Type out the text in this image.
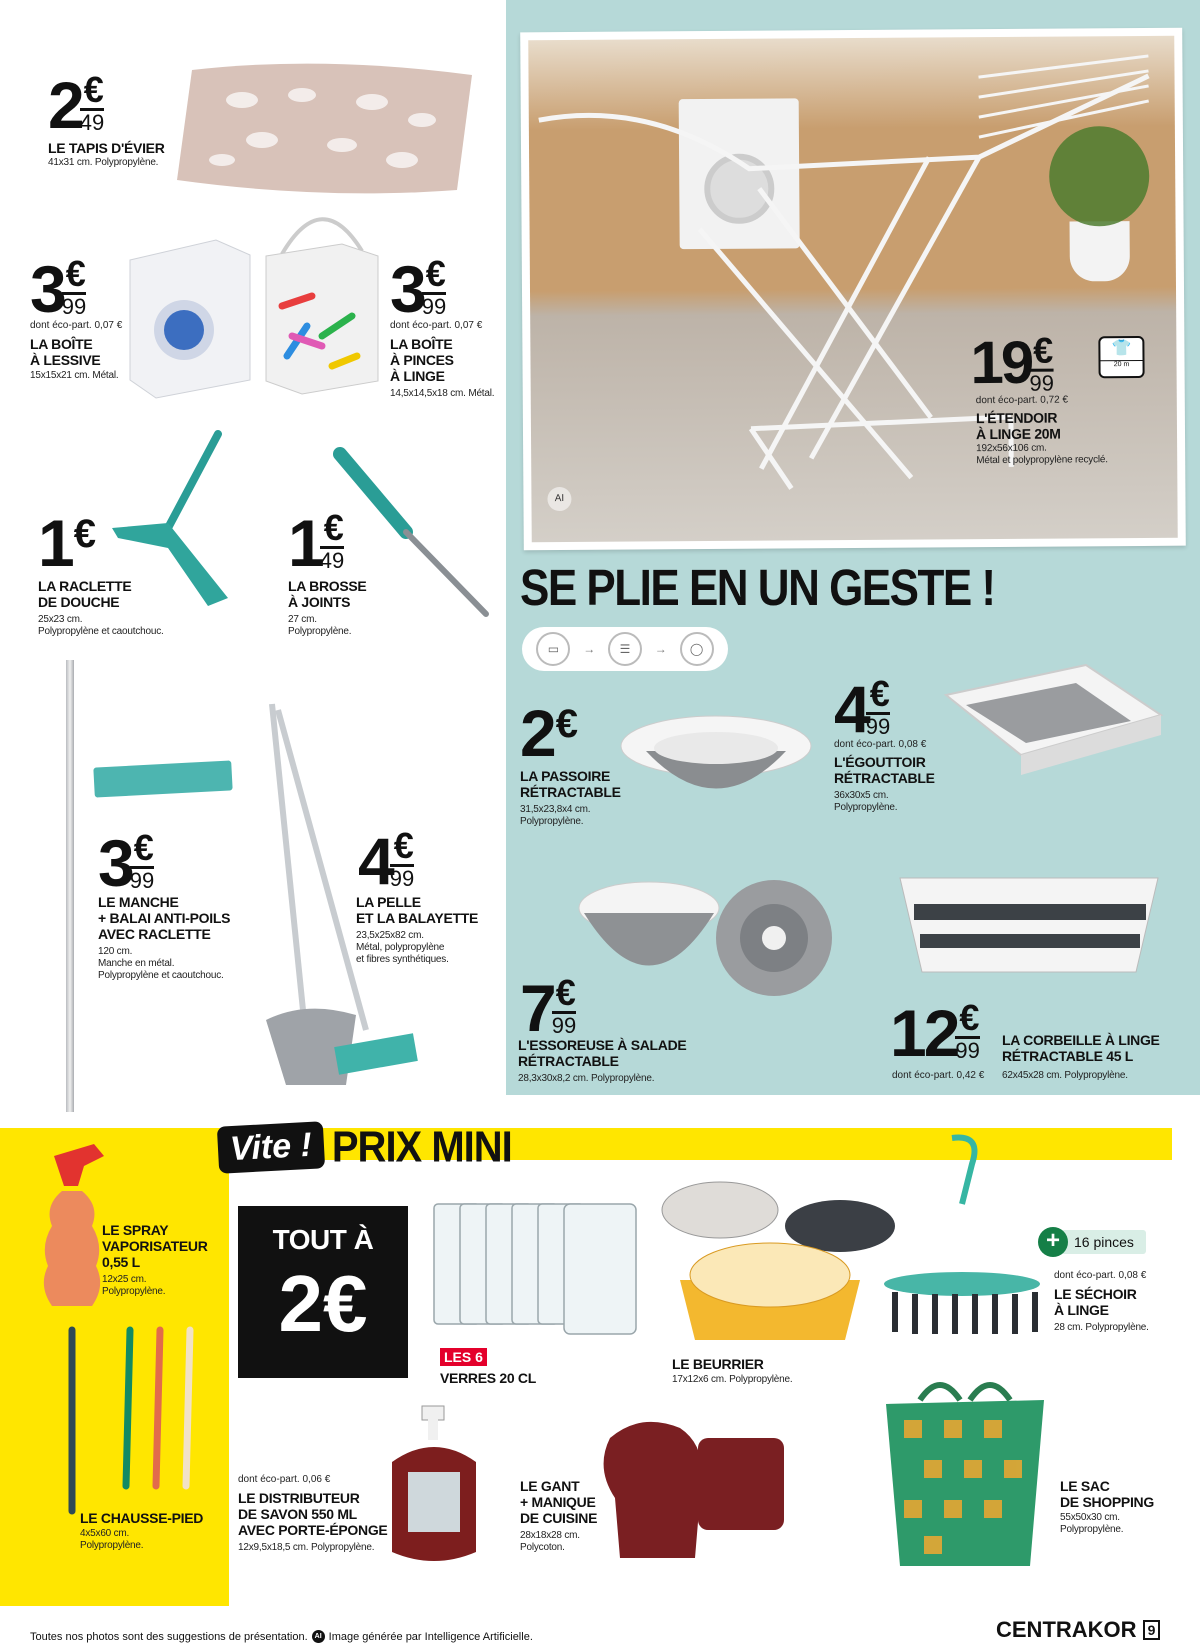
AI
19 €
99
👕
20 m
dont éco-part. 0,72 €
L'ÉTENDOIR
À LINGE 20M
192x56x106 cm.
Métal et polypropylène recyclé.
SE PLIE EN UN GESTE !
▭	→	☰	→	◯
2 €
LA PASSOIRE
RÉTRACTABLE
31,5x23,8x4 cm.
Polypropylène.
4 €
99
dont éco-part. 0,08 €
L'ÉGOUTTOIR
RÉTRACTABLE
36x30x5 cm.
Polypropylène.
7 €
99
L'ESSOREUSE À SALADE
RÉTRACTABLE
28,3x30x8,2 cm. Polypropylène.
12 €
99
dont éco-part. 0,42 €
LA CORBEILLE À LINGE
RÉTRACTABLE 45 L
62x45x28 cm. Polypropylène.
2 €
49
LE TAPIS D'ÉVIER
41x31 cm. Polypropylène.
3 €
99
dont éco-part. 0,07 €
LA BOÎTE
À LESSIVE
15x15x21 cm. Métal.
3 €
99
dont éco-part. 0,07 €
LA BOÎTE
À PINCES
À LINGE
14,5x14,5x18 cm. Métal.
1 €
LA RACLETTE
DE DOUCHE
25x23 cm.
Polypropylène et caoutchouc.
1 €
49
LA BROSSE
À JOINTS
27 cm.
Polypropylène.
3 €
99
LE MANCHE
+ BALAI ANTI-POILS
AVEC RACLETTE
120 cm.
Manche en métal.
Polypropylène et caoutchouc.
4 €
99
LA PELLE
ET LA BALAYETTE
23,5x25x82 cm.
Métal, polypropylène
et fibres synthétiques.
Vite ! PRIX MINI
TOUT À
2€
LE SPRAY
VAPORISATEUR
0,55 L
12x25 cm.
Polypropylène.
LE CHAUSSE-PIED
4x5x60 cm.
Polypropylène.
LES 6
VERRES 20 CL
LE BEURRIER
17x12x6 cm. Polypropylène.
+	16 pinces
dont éco-part. 0,08 €
LE SÉCHOIR
À LINGE
28 cm. Polypropylène.
dont éco-part. 0,06 €
LE DISTRIBUTEUR
DE SAVON 550 ML
AVEC PORTE-ÉPONGE
12x9,5x18,5 cm. Polypropylène.
LE GANT
+ MANIQUE
DE CUISINE
28x18x28 cm.
Polycoton.
LE SAC
DE SHOPPING
55x50x30 cm.
Polypropylène.
Toutes nos photos sont des suggestions de présentation.	AI Image générée par Intelligence Artificielle.	CENTRAKOR 9
